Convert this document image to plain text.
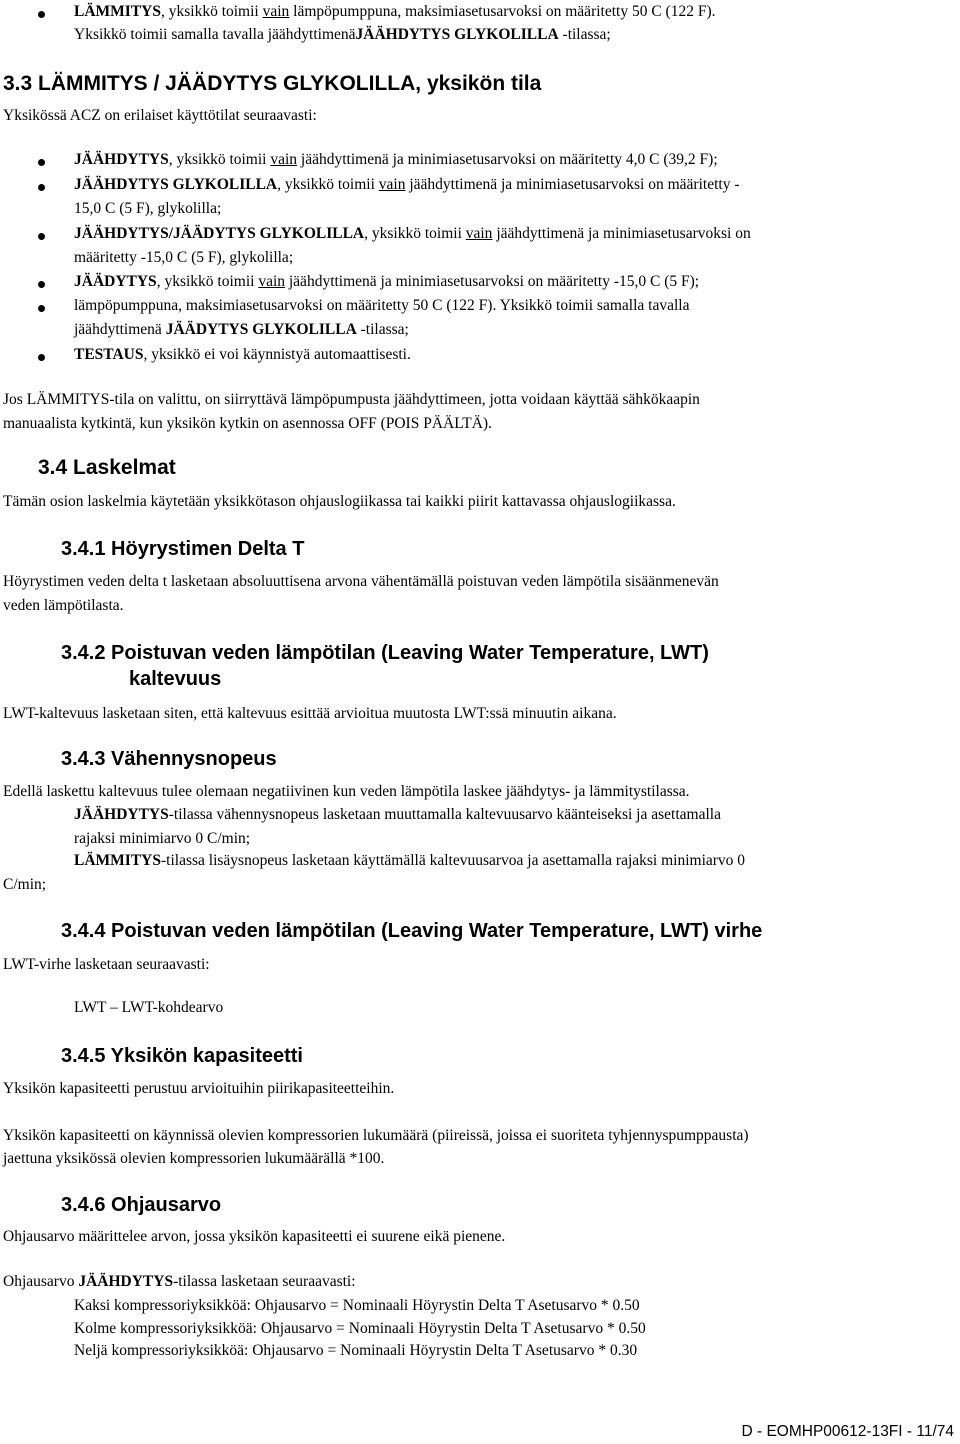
LÄMMITYS, yksikkö toimii vain lämpöpumppuna, maksimiasetusarvoksi on määritetty 50 C (122 F).
Yksikkö toimii samalla tavalla jäähdyttimenäJÄÄHDYTYS GLYKOLILLA -tilassa;
3.3 LÄMMITYS / JÄÄDYTYS GLYKOLILLA, yksikön tila
Yksikössä ACZ on erilaiset käyttötilat seuraavasti:
JÄÄHDYTYS, yksikkö toimii vain jäähdyttimenä ja minimiasetusarvoksi on määritetty 4,0 C (39,2 F);
JÄÄHDYTYS GLYKOLILLA, yksikkö toimii vain jäähdyttimenä ja minimiasetusarvoksi on määritetty -
15,0 C (5 F), glykolilla;
JÄÄHDYTYS/JÄÄDYTYS GLYKOLILLA, yksikkö toimii vain jäähdyttimenä ja minimiasetusarvoksi on
määritetty -15,0 C (5 F), glykolilla;
JÄÄDYTYS, yksikkö toimii vain jäähdyttimenä ja minimiasetusarvoksi on määritetty -15,0 C (5 F);
lämpöpumppuna, maksimiasetusarvoksi on määritetty 50 C (122 F). Yksikkö toimii samalla tavalla
jäähdyttimenä JÄÄDYTYS GLYKOLILLA -tilassa;
TESTAUS, yksikkö ei voi käynnistyä automaattisesti.
Jos LÄMMITYS-tila on valittu, on siirryttävä lämpöpumpusta jäähdyttimeen, jotta voidaan käyttää sähkökaapin
manuaalista kytkintä, kun yksikön kytkin on asennossa OFF (POIS PÄÄLTÄ).
3.4 Laskelmat
Tämän osion laskelmia käytetään yksikkötason ohjauslogiikassa tai kaikki piirit kattavassa ohjauslogiikassa.
3.4.1 Höyrystimen Delta T
Höyrystimen veden delta t lasketaan absoluuttisena arvona vähentämällä poistuvan veden lämpötila sisäänmenevän
veden lämpötilasta.
3.4.2 Poistuvan veden lämpötilan (Leaving Water Temperature, LWT)
kaltevuus
LWT-kaltevuus lasketaan siten, että kaltevuus esittää arvioitua muutosta LWT:ssä minuutin aikana.
3.4.3 Vähennysnopeus
Edellä laskettu kaltevuus tulee olemaan negatiivinen kun veden lämpötila laskee jäähdytys- ja lämmitystilassa.
JÄÄHDYTYS-tilassa vähennysnopeus lasketaan muuttamalla kaltevuusarvo käänteiseksi ja asettamalla
rajaksi minimiarvo 0 C/min;
LÄMMITYS-tilassa lisäysnopeus lasketaan käyttämällä kaltevuusarvoa ja asettamalla rajaksi minimiarvo 0
C/min;
3.4.4 Poistuvan veden lämpötilan (Leaving Water Temperature, LWT) virhe
LWT-virhe lasketaan seuraavasti:
LWT – LWT-kohdearvo
3.4.5 Yksikön kapasiteetti
Yksikön kapasiteetti perustuu arvioituihin piirikapasiteetteihin.
Yksikön kapasiteetti on käynnissä olevien kompressorien lukumäärä (piireissä, joissa ei suoriteta tyhjennyspumppausta)
jaettuna yksikössä olevien kompressorien lukumäärällä *100.
3.4.6 Ohjausarvo
Ohjausarvo määrittelee arvon, jossa yksikön kapasiteetti ei suurene eikä pienene.
Ohjausarvo JÄÄHDYTYS-tilassa lasketaan seuraavasti:
Kaksi kompressoriyksikköä: Ohjausarvo = Nominaali Höyrystin Delta T Asetusarvo * 0.50
Kolme kompressoriyksikköä: Ohjausarvo = Nominaali Höyrystin Delta T Asetusarvo * 0.50
Neljä kompressoriyksikköä: Ohjausarvo = Nominaali Höyrystin Delta T Asetusarvo * 0.30
D - EOMHP00612-13FI - 11/74
